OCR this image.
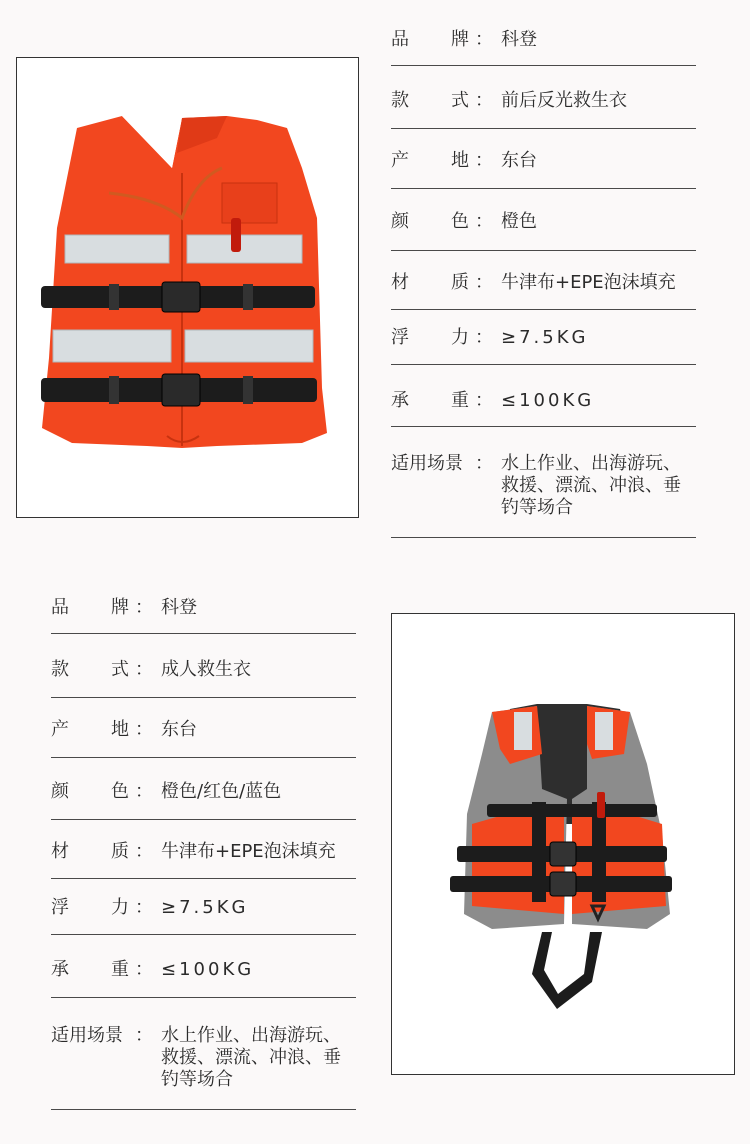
品 牌 ： 科登
款 式 ： 前后反光救生衣
产 地 ： 东台
颜 色 ： 橙色
材 质 ： 牛津布+EPE泡沫填充
浮 力 ： ≥7.5KG
承 重 ： ≤100KG
适用场景 ： 水上作业、出海游玩、救援、漂流、冲浪、垂钓等场合
品 牌 ： 科登
款 式 ： 成人救生衣
产 地 ： 东台
颜 色 ： 橙色/红色/蓝色
材 质 ： 牛津布+EPE泡沫填充
浮 力 ： ≥7.5KG
承 重 ： ≤100KG
适用场景 ： 水上作业、出海游玩、救援、漂流、冲浪、垂钓等场合
